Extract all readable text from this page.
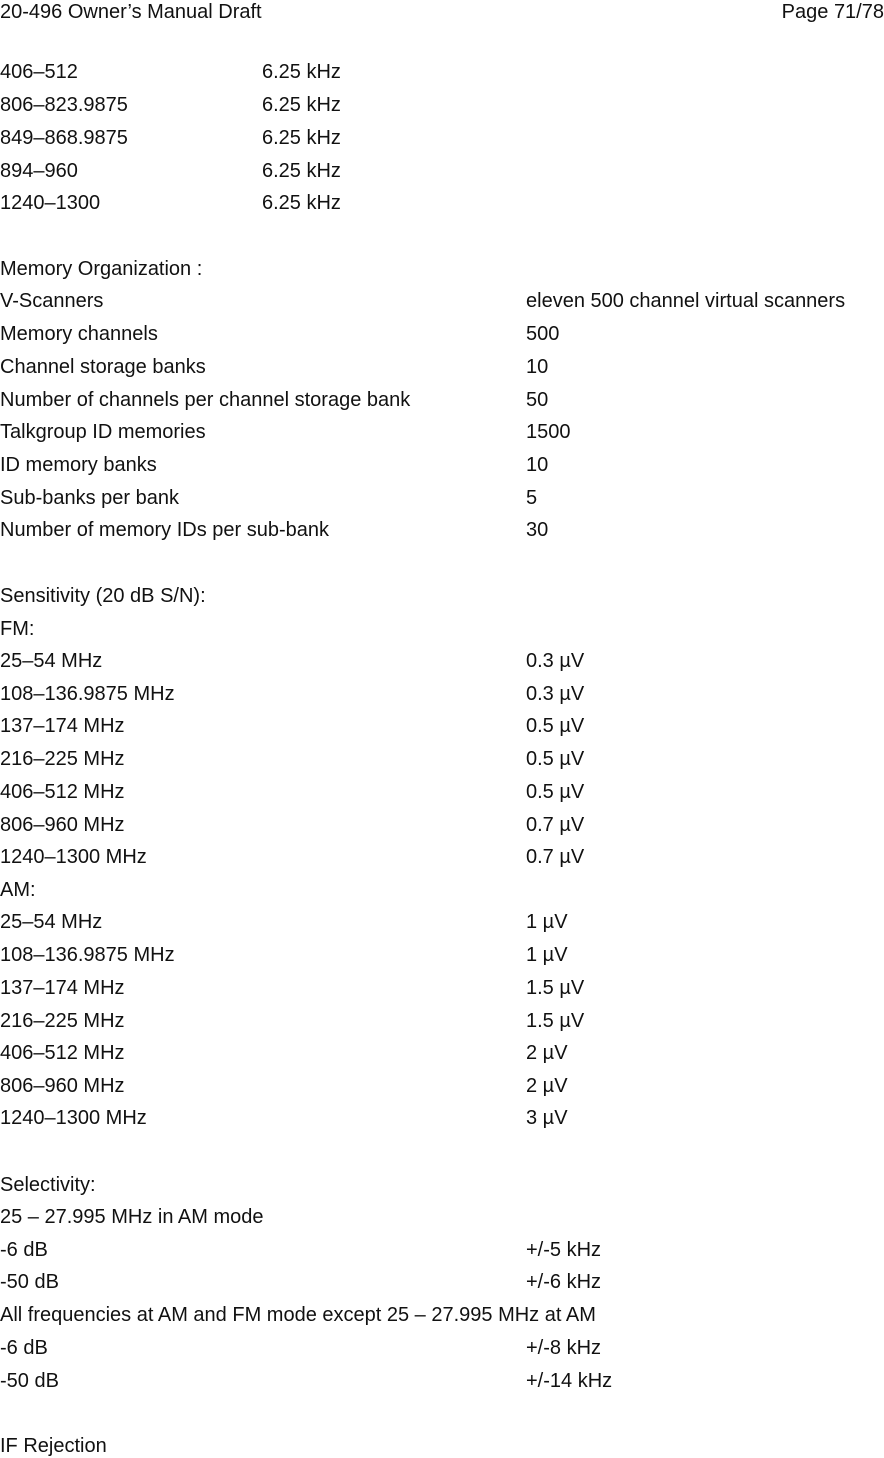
20-496 Owner’s Manual Draft	Page 71/78
406–512	6.25 kHz
806–823.9875	6.25 kHz
849–868.9875	6.25 kHz
894–960	6.25 kHz
1240–1300	6.25 kHz
Memory Organization :
V-Scanners	eleven 500 channel virtual scanners
Memory channels	500
Channel storage banks	10
Number of channels per channel storage bank	50
Talkgroup ID memories	1500
ID memory banks	10
Sub-banks per bank	5
Number of memory IDs per sub-bank	30
Sensitivity (20 dB S/N):
FM:
25–54 MHz	0.3 µV
108–136.9875 MHz	0.3 µV
137–174 MHz	0.5 µV
216–225 MHz	0.5 µV
406–512 MHz	0.5 µV
806–960 MHz	0.7 µV
1240–1300 MHz	0.7 µV
AM:
25–54 MHz	1 µV
108–136.9875 MHz	1 µV
137–174 MHz	1.5 µV
216–225 MHz	1.5 µV
406–512 MHz	2 µV
806–960 MHz	2 µV
1240–1300 MHz	3 µV
Selectivity:
25 – 27.995 MHz in AM mode
-6 dB	+/-5 kHz
-50 dB	+/-6 kHz
All frequencies at AM and FM mode except 25 – 27.995 MHz at AM
-6 dB	+/-8 kHz
-50 dB	+/-14 kHz
IF Rejection
